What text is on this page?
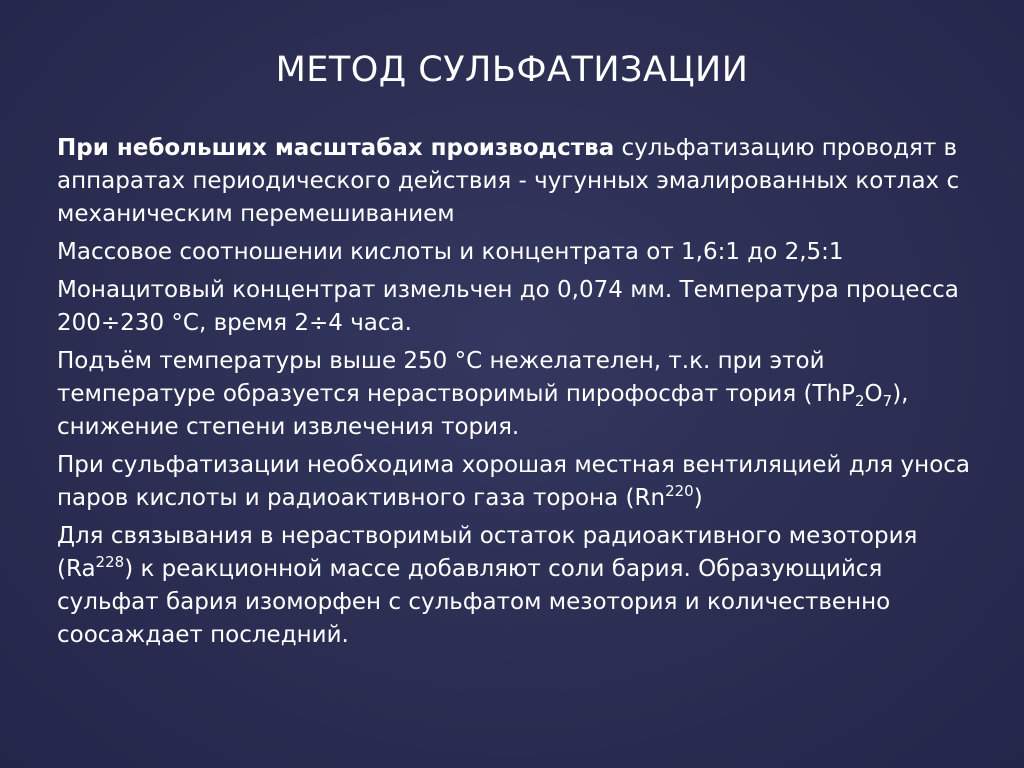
МЕТОД СУЛЬФАТИЗАЦИИ

При небольших масштабах производства сульфатизацию проводят в аппаратах периодического действия - чугунных эмалированных котлах с механическим перемешиванием

Массовое соотношении кислоты и концентрата от 1,6:1 до 2,5:1

Монацитовый концентрат измельчен до 0,074 мм. Температура процесса 200÷230 °С, время 2÷4 часа.

Подъём температуры выше 250 °С нежелателен, т.к. при этой температуре образуется нерастворимый пирофосфат тория $(ThP_2O_7)$, снижение степени извлечения тория.

При сульфатизации необходима хорошая местная вентиляцией для уноса паров кислоты и радиоактивного газа торона (Rn$^{220}$)

Для связывания в нерастворимый остаток радиоактивного мезотория (Ra$^{228}$) к реакционной массе добавляют соли бария. Образующийся сульфат бария изоморфен с сульфатом мезотория и количественно соосаждает последний.
